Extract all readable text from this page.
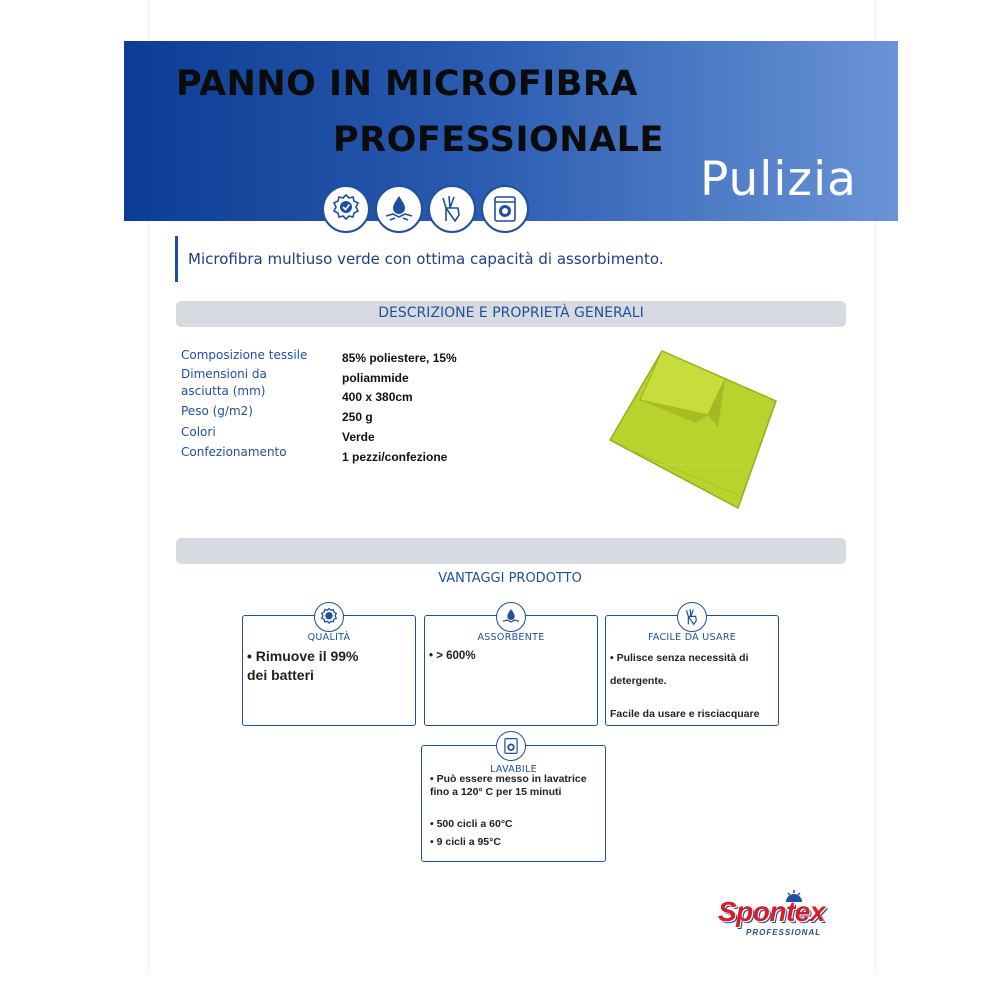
PANNO IN MICROFIBRA
PROFESSIONALE
Pulizia
Microfibra multiuso verde con ottima capacità di assorbimento.
DESCRIZIONE E PROPRIETÀ GENERALI
Composizione tessile
Dimensioni da asciutta (mm)
Peso (g/m2)
Colori
Confezionamento
85% poliestere, 15% poliammide
400 x 380cm
250 g
Verde
1 pezzi/confezione
VANTAGGI PRODOTTO
QUALITÀ
• Rimuove il 99% dei batteri
ASSORBENTE
• > 600%
FACILE DA USARE
• Pulisce senza necessità di detergente.
Facile da usare e risciacquare
LAVABILE
• Può essere messo in lavatrice fino a 120° C per 15 minuti
• 500 cicli a 60°C
• 9 cicli a 95°C
Spontex
PROFESSIONAL
